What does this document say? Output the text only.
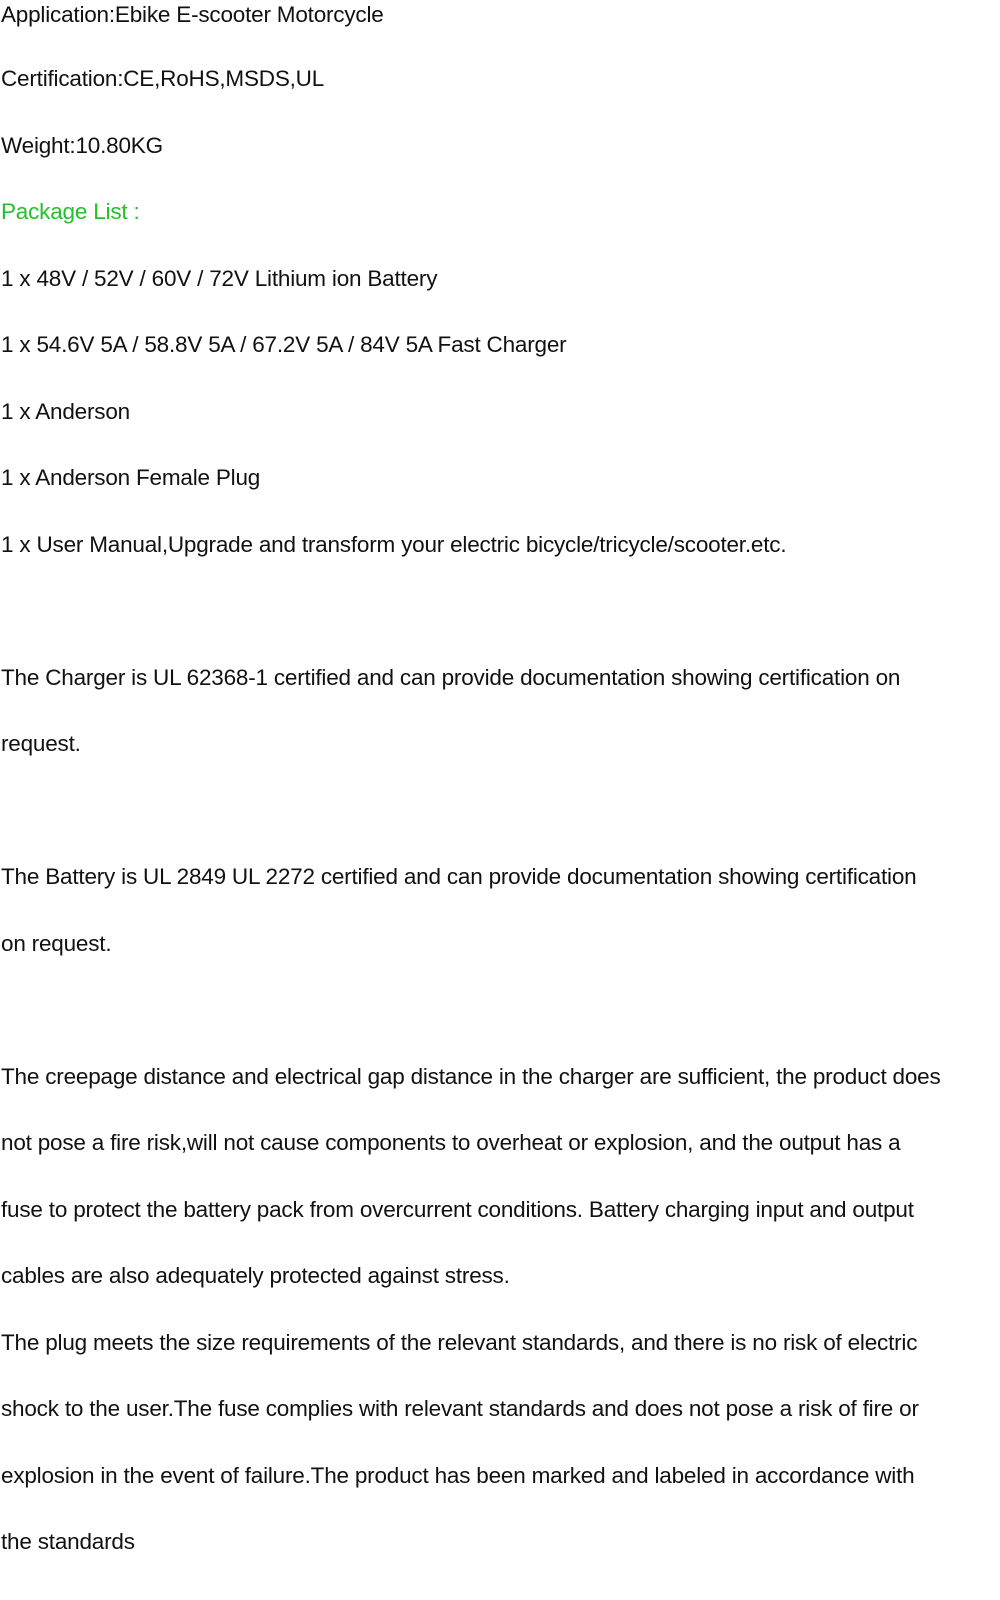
Application:Ebike E-scooter Motorcycle

Certification:CE,RoHS,MSDS,UL

Weight:10.80KG

Package List :

1 x 48V / 52V / 60V / 72V Lithium ion Battery

1 x 54.6V 5A / 58.8V 5A / 67.2V 5A / 84V 5A Fast Charger

1 x Anderson

1 x Anderson Female Plug

1 x User Manual,Upgrade and transform your electric bicycle/tricycle/scooter.etc.

The Charger is UL 62368-1 certified and can provide documentation showing certification on

request.

The Battery is UL 2849 UL 2272 certified and can provide documentation showing certification

on request.

The creepage distance and electrical gap distance in the charger are sufficient, the product does

not pose a fire risk,will not cause components to overheat or explosion, and the output has a

fuse to protect the battery pack from overcurrent conditions. Battery charging input and output

cables are also adequately protected against stress.

The plug meets the size requirements of the relevant standards, and there is no risk of electric

shock to the user.The fuse complies with relevant standards and does not pose a risk of fire or

explosion in the event of failure.The product has been marked and labeled in accordance with

the standards
